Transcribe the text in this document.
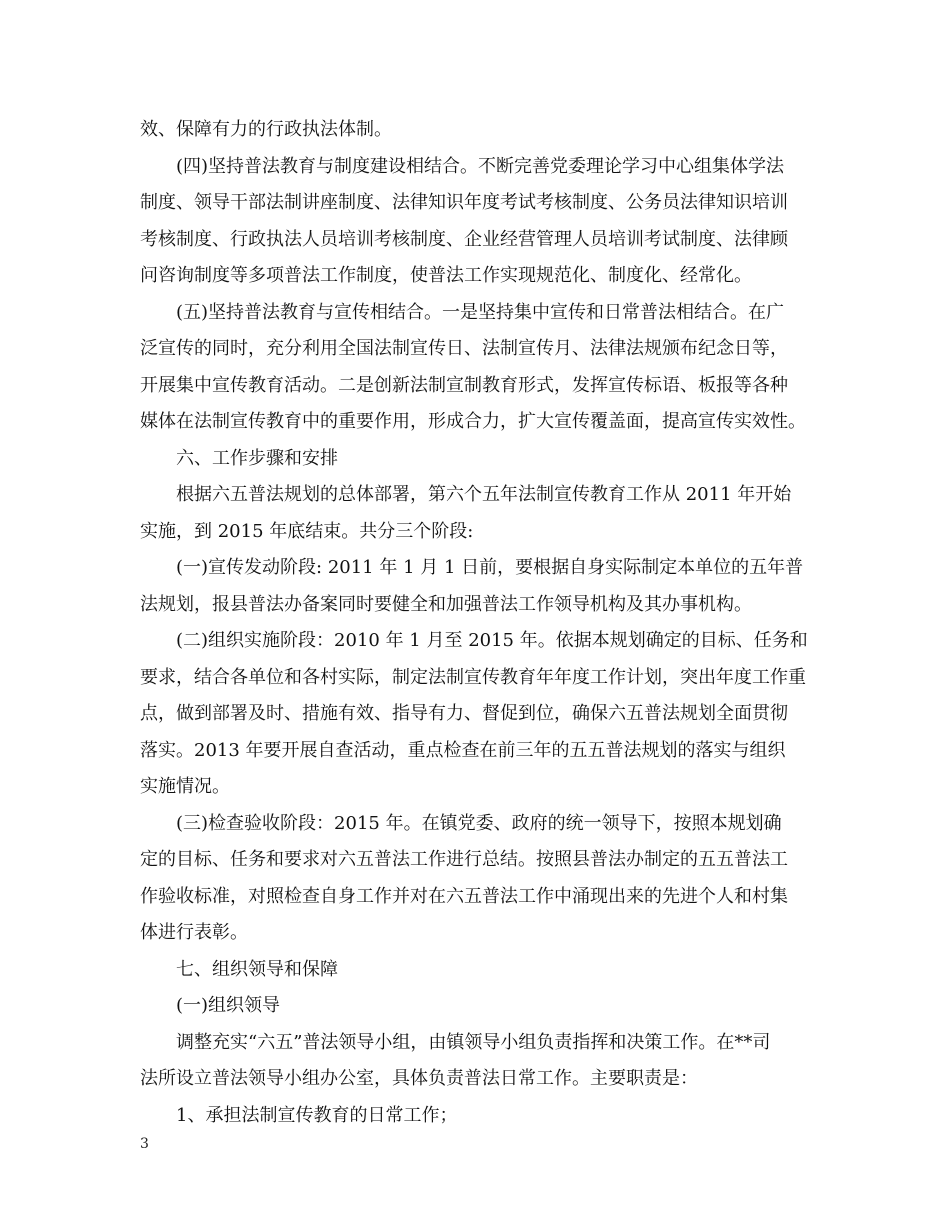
效、保障有力的行政执法体制。
(四)坚持普法教育与制度建设相结合。不断完善党委理论学习中心组集体学法
制度、领导干部法制讲座制度、法律知识年度考试考核制度、公务员法律知识培训
考核制度、行政执法人员培训考核制度、企业经营管理人员培训考试制度、法律顾
问咨询制度等多项普法工作制度，使普法工作实现规范化、制度化、经常化。
(五)坚持普法教育与宣传相结合。一是坚持集中宣传和日常普法相结合。在广
泛宣传的同时，充分利用全国法制宣传日、法制宣传月、法律法规颁布纪念日等，
开展集中宣传教育活动。二是创新法制宣制教育形式，发挥宣传标语、板报等各种
媒体在法制宣传教育中的重要作用，形成合力，扩大宣传覆盖面，提高宣传实效性。
六、工作步骤和安排
根据六五普法规划的总体部署，第六个五年法制宣传教育工作从 2011 年开始
实施，到 2015 年底结束。共分三个阶段:
(一)宣传发动阶段: 2011 年 1 月 1 日前，要根据自身实际制定本单位的五年普
法规划，报县普法办备案同时要健全和加强普法工作领导机构及其办事机构。
(二)组织实施阶段：2010 年 1 月至 2015 年。依据本规划确定的目标、任务和
要求，结合各单位和各村实际，制定法制宣传教育年年度工作计划，突出年度工作重
点，做到部署及时、措施有效、指导有力、督促到位，确保六五普法规划全面贯彻
落实。2013 年要开展自查活动，重点检查在前三年的五五普法规划的落实与组织
实施情况。
(三)检查验收阶段：2015 年。在镇党委、政府的统一领导下，按照本规划确
定的目标、任务和要求对六五普法工作进行总结。按照县普法办制定的五五普法工
作验收标准，对照检查自身工作并对在六五普法工作中涌现出来的先进个人和村集
体进行表彰。
七、组织领导和保障
(一)组织领导
调整充实“六五”普法领导小组，由镇领导小组负责指挥和决策工作。在**司
法所设立普法领导小组办公室，具体负责普法日常工作。主要职责是：
1、承担法制宣传教育的日常工作；
3
